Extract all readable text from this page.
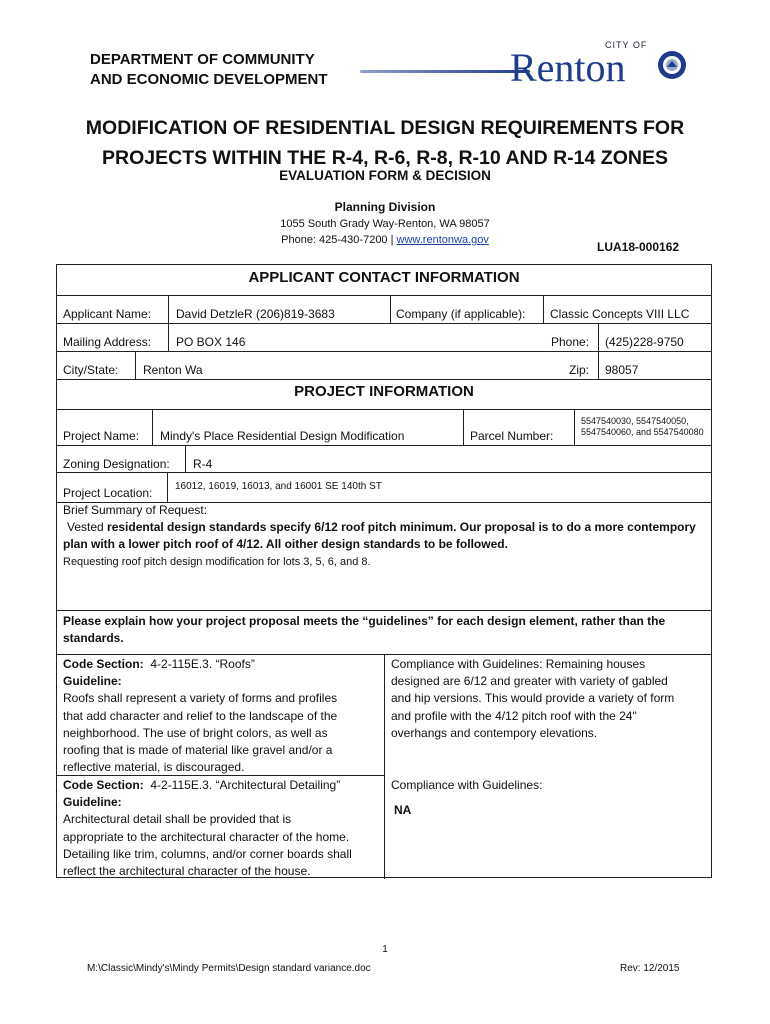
DEPARTMENT OF COMMUNITY
AND ECONOMIC DEVELOPMENT
CITY OF
Renton
MODIFICATION OF RESIDENTIAL DESIGN REQUIREMENTS FOR
PROJECTS WITHIN THE R-4, R-6, R-8, R-10 AND R-14 ZONES
EVALUATION FORM & DECISION
Planning Division
1055 South Grady Way-Renton, WA 98057
Phone: 425-430-7200 | www.rentonwa.gov	LUA18-000162
APPLICANT CONTACT INFORMATION
Applicant Name: David DetzleR (206)819-3683	Company (if applicable): Classic Concepts VIII LLC
Mailing Address: PO BOX 146	Phone: (425)228-9750
City/State: Renton Wa	Zip: 98057
PROJECT INFORMATION
Project Name: Mindy's Place Residential Design Modification	Parcel Number:
5547540030, 5547540050,
5547540060, and 5547540080
Zoning Designation: R-4
Project Location: 16012, 16019, 16013, and 16001 SE 140th ST
Brief Summary of Request:
Vested residental design standards specify 6/12 roof pitch minimum. Our proposal is to do a more contempory
plan with a lower pitch roof of 4/12. All oither design standards to be followed.
Requesting roof pitch design modification for lots 3, 5, 6, and 8.
Please explain how your project proposal meets the “guidelines” for each design element, rather than the
standards.
Code Section: 4-2-115E.3. “Roofs”
Guideline:
Roofs shall represent a variety of forms and profiles
that add character and relief to the landscape of the
neighborhood. The use of bright colors, as well as
roofing that is made of material like gravel and/or a
reflective material, is discouraged.
Compliance with Guidelines: Remaining houses
designed are 6/12 and greater with variety of gabled
and hip versions. This would provide a variety of form
and profile with the 4/12 pitch roof with the 24"
overhangs and contempory elevations.
Code Section: 4-2-115E.3. “Architectural Detailing”
Guideline:
Architectural detail shall be provided that is
appropriate to the architectural character of the home.
Detailing like trim, columns, and/or corner boards shall
reflect the architectural character of the house.
Compliance with Guidelines:
NA
1
M:\Classic\Mindy's\Mindy Permits\Design standard variance.doc	Rev: 12/2015
